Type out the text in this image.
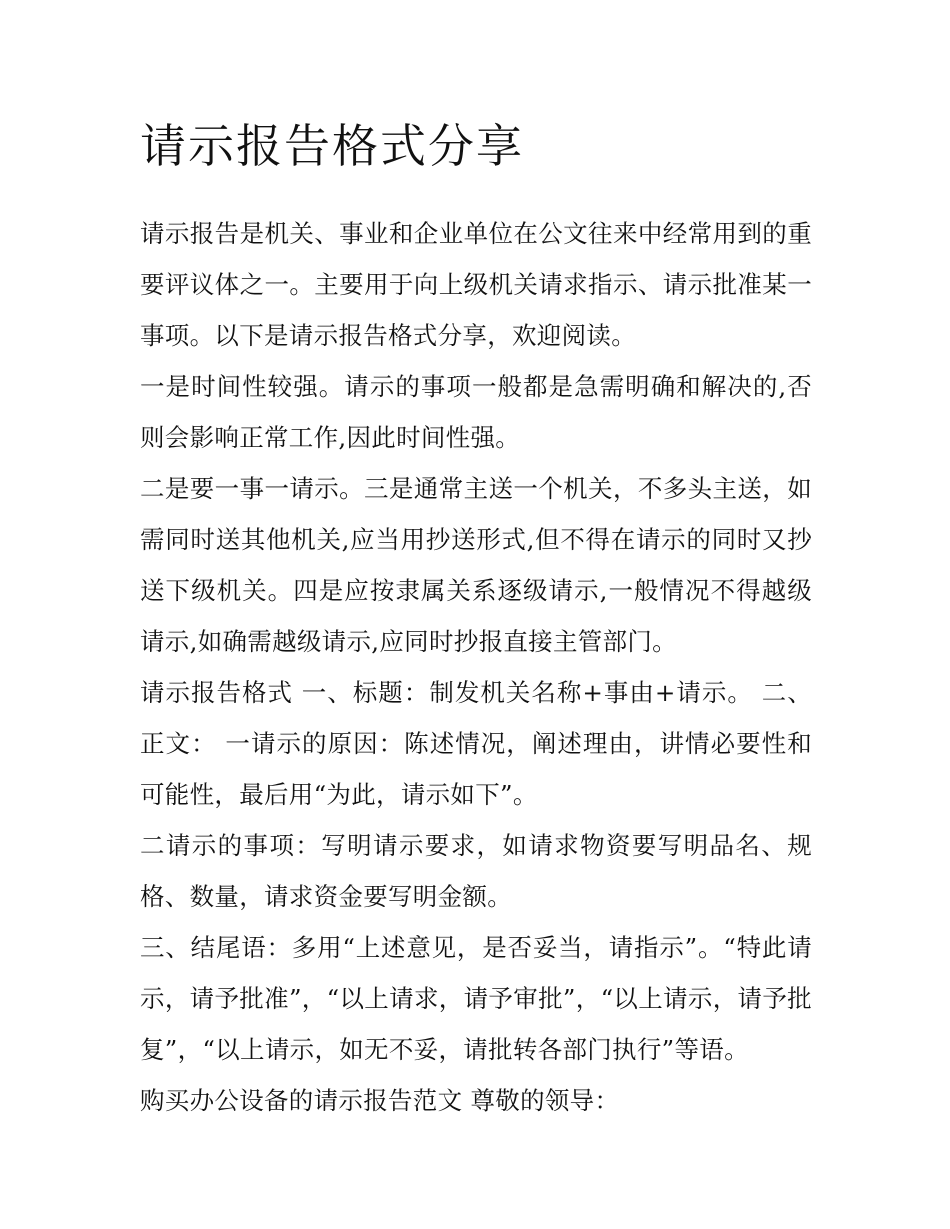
请示报告格式分享

请示报告是机关、事业和企业单位在公文往来中经常用到的重要评议体之一。主要用于向上级机关请求指示、请示批准某一事项。以下是请示报告格式分享，欢迎阅读。

一是时间性较强。请示的事项一般都是急需明确和解决的,否则会影响正常工作,因此时间性强。

二是要一事一请示。三是通常主送一个机关，不多头主送，如需同时送其他机关,应当用抄送形式,但不得在请示的同时又抄送下级机关。四是应按隶属关系逐级请示,一般情况不得越级请示,如确需越级请示,应同时抄报直接主管部门。

请示报告格式 一、标题：制发机关名称+事由+请示。 二、正文： 一请示的原因：陈述情况，阐述理由，讲情必要性和可能性，最后用“为此，请示如下”。

二请示的事项：写明请示要求，如请求物资要写明品名、规格、数量，请求资金要写明金额。

三、结尾语：多用“上述意见，是否妥当，请指示”。“特此请示，请予批准”，“以上请求，请予审批”，“以上请示，请予批复”，“以上请示，如无不妥，请批转各部门执行”等语。

购买办公设备的请示报告范文 尊敬的领导：
